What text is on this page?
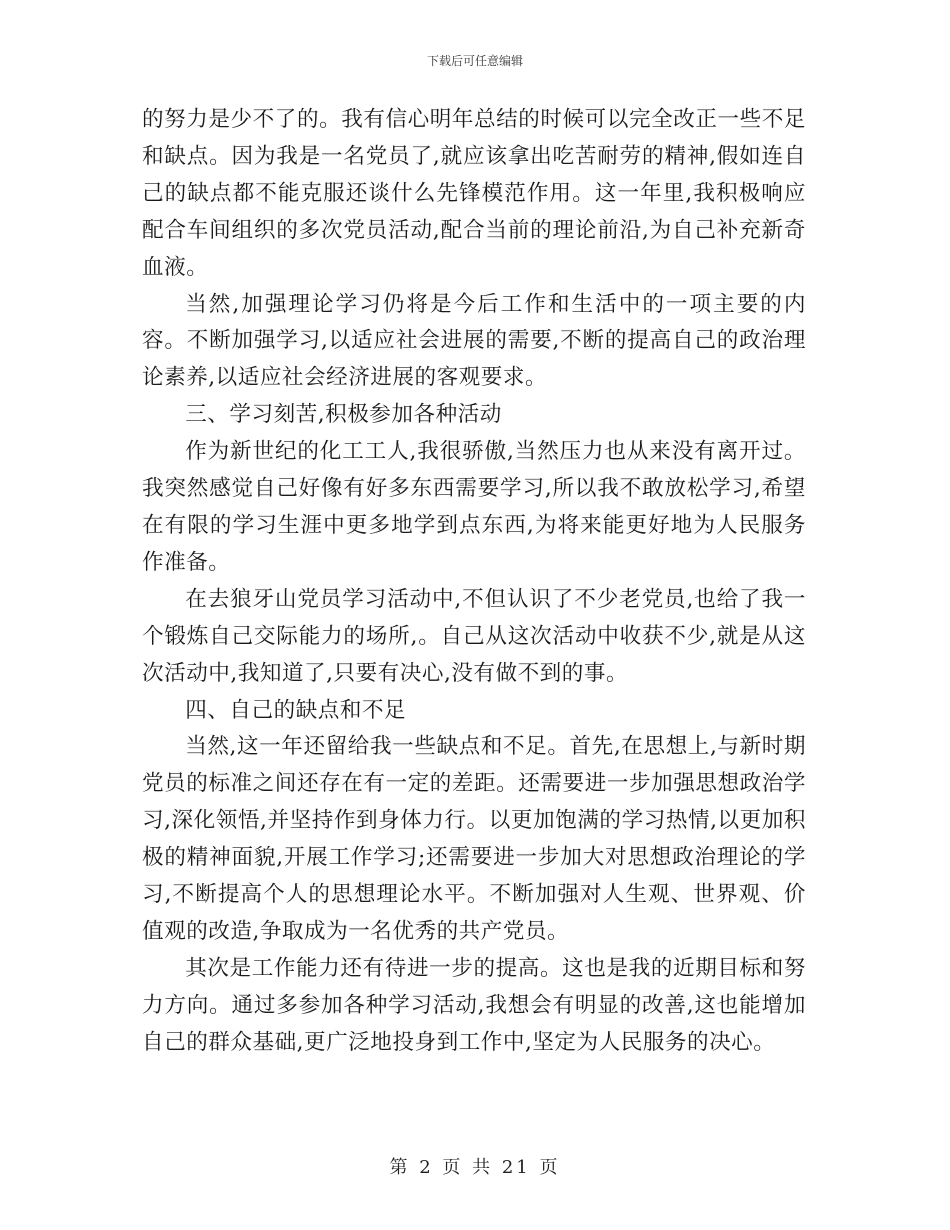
下载后可任意编辑

的努力是少不了的。我有信心明年总结的时候可以完全改正一些不足和缺点。因为我是一名党员了,就应该拿出吃苦耐劳的精神,假如连自己的缺点都不能克服还谈什么先锋模范作用。这一年里,我积极响应配合车间组织的多次党员活动,配合当前的理论前沿,为自己补充新奇血液。

当然,加强理论学习仍将是今后工作和生活中的一项主要的内容。不断加强学习,以适应社会进展的需要,不断的提高自己的政治理论素养,以适应社会经济进展的客观要求。

三、学习刻苦,积极参加各种活动

作为新世纪的化工工人,我很骄傲,当然压力也从来没有离开过。我突然感觉自己好像有好多东西需要学习,所以我不敢放松学习,希望在有限的学习生涯中更多地学到点东西,为将来能更好地为人民服务作准备。

在去狼牙山党员学习活动中,不但认识了不少老党员,也给了我一个锻炼自己交际能力的场所,。自己从这次活动中收获不少,就是从这次活动中,我知道了,只要有决心,没有做不到的事。

四、自己的缺点和不足

当然,这一年还留给我一些缺点和不足。首先,在思想上,与新时期党员的标准之间还存在有一定的差距。还需要进一步加强思想政治学习,深化领悟,并坚持作到身体力行。以更加饱满的学习热情,以更加积极的精神面貌,开展工作学习;还需要进一步加大对思想政治理论的学习,不断提高个人的思想理论水平。不断加强对人生观、世界观、价值观的改造,争取成为一名优秀的共产党员。

其次是工作能力还有待进一步的提高。这也是我的近期目标和努力方向。通过多参加各种学习活动,我想会有明显的改善,这也能增加自己的群众基础,更广泛地投身到工作中,坚定为人民服务的决心。

第 2 页 共 21 页
